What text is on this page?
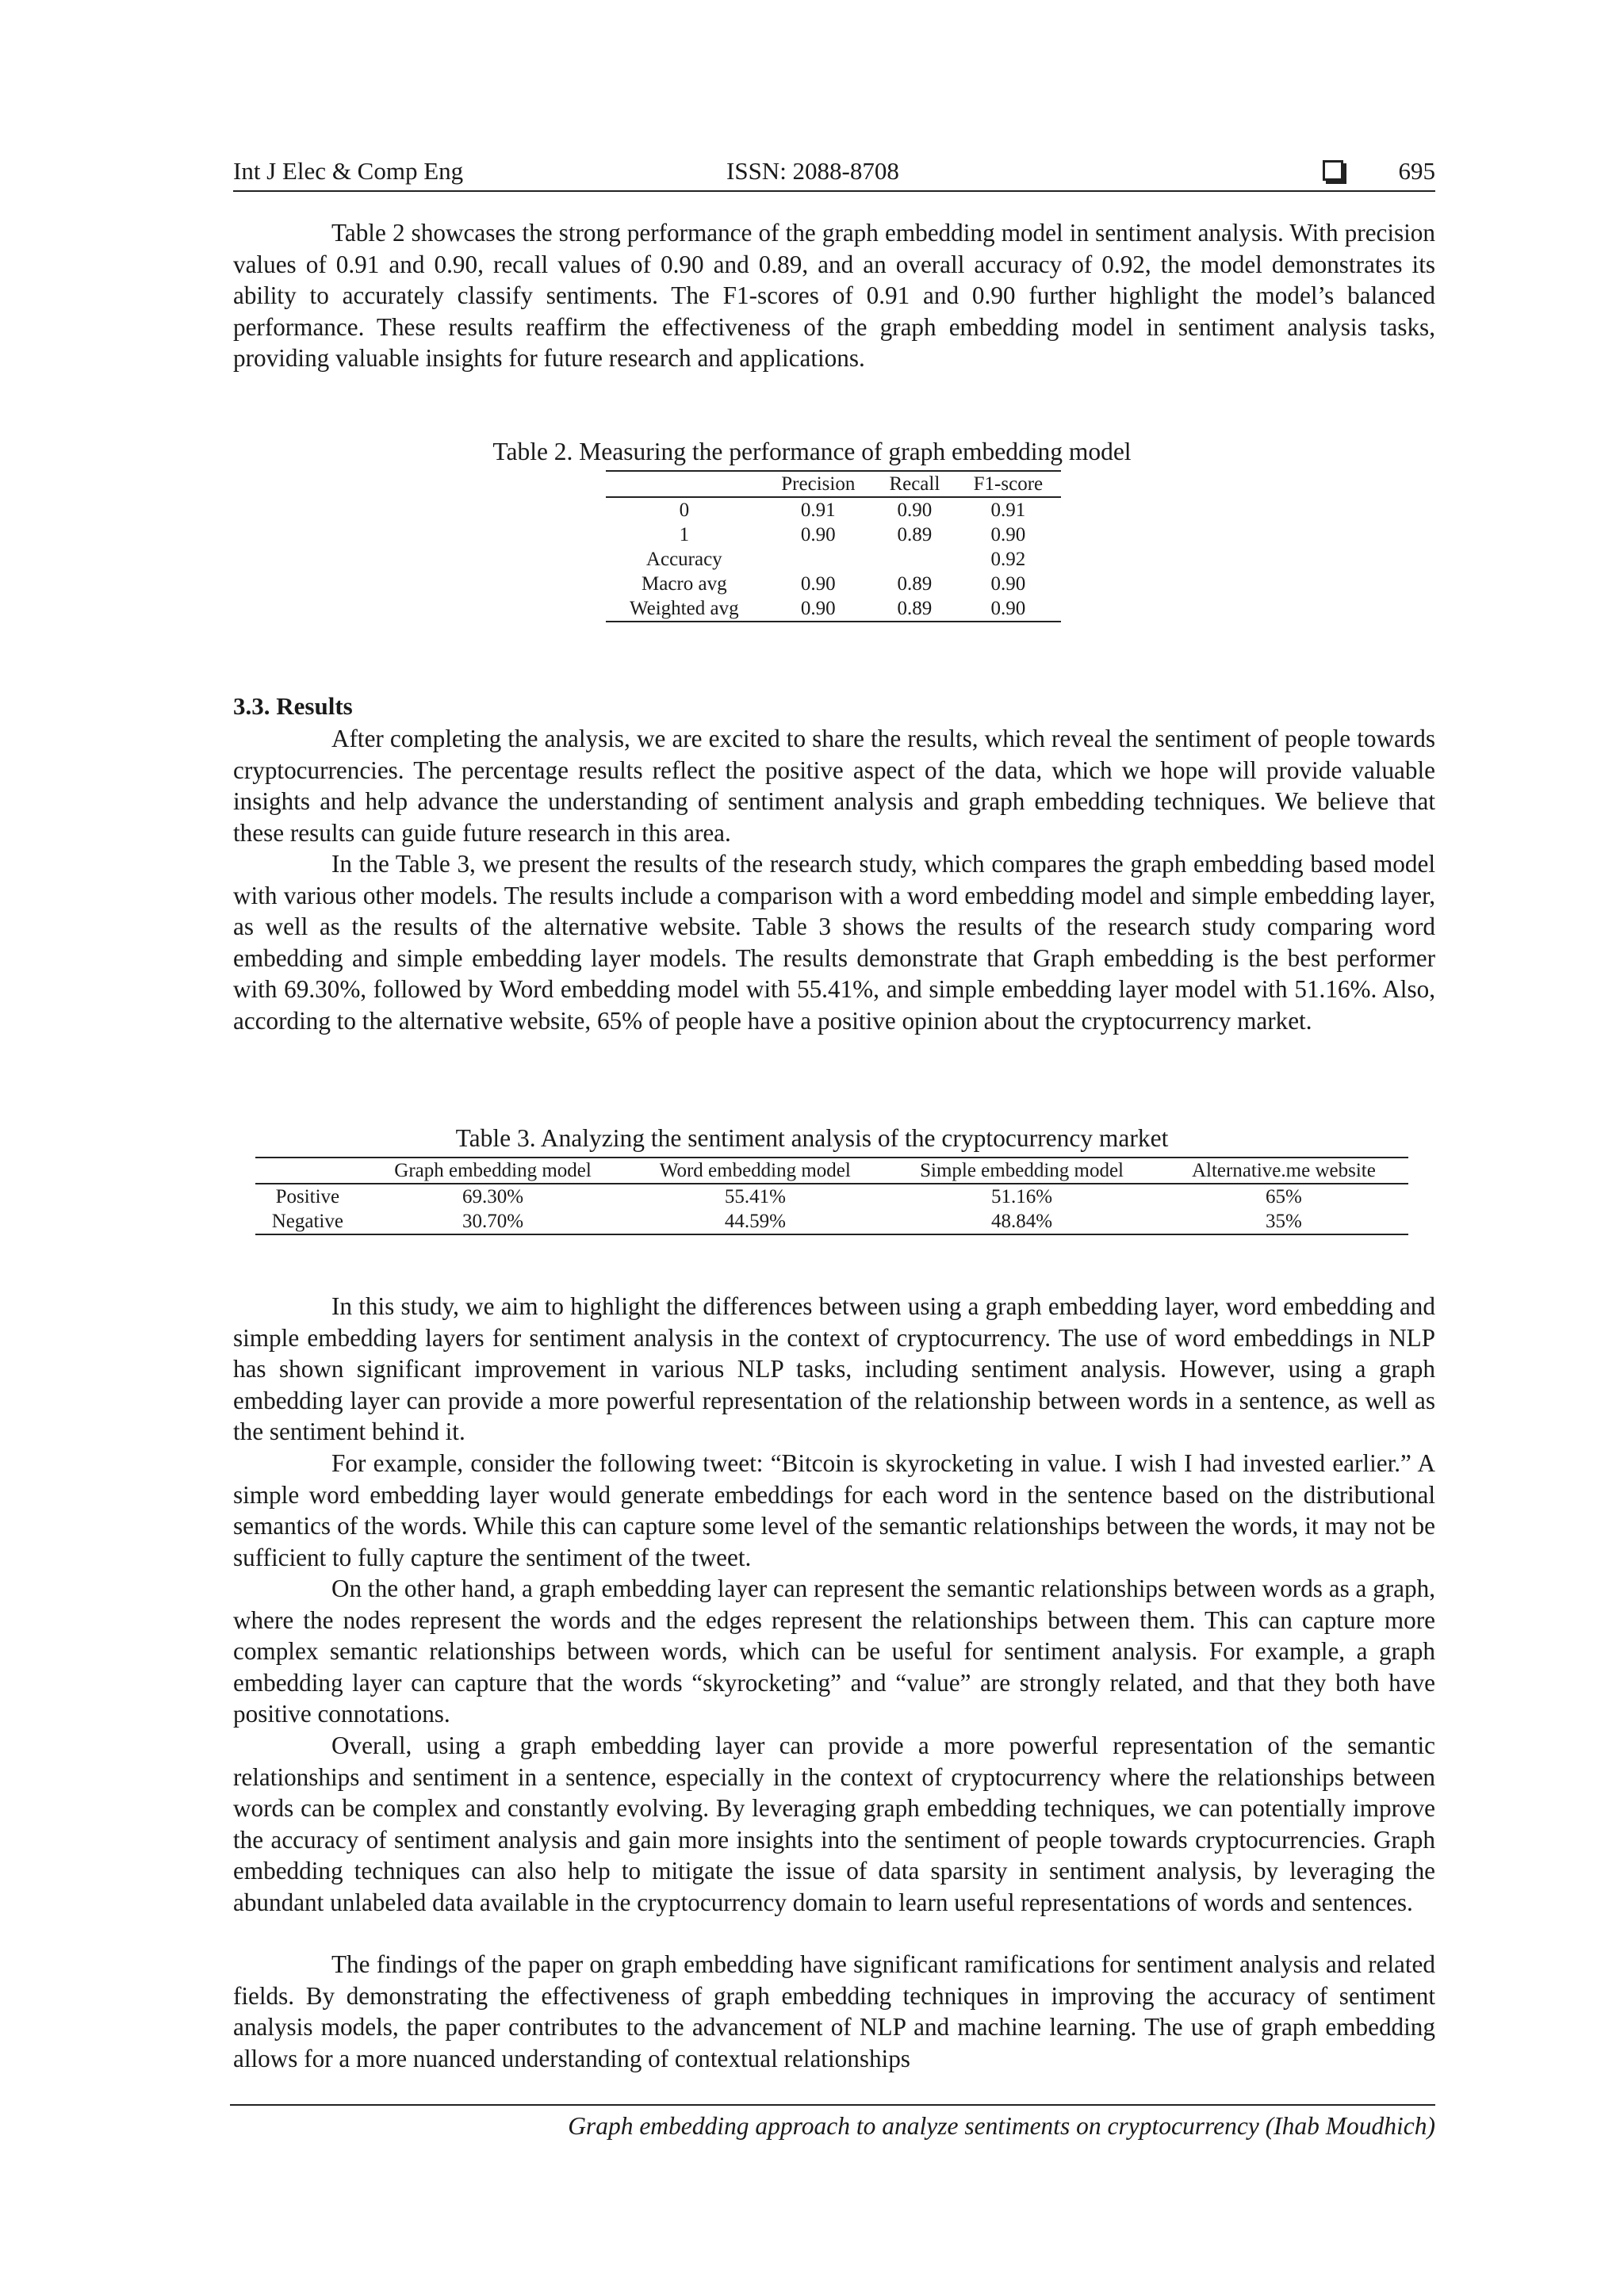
Int J Elec & Comp Eng	ISSN: 2088-8708	695

Table 2 showcases the strong performance of the graph embedding model in sentiment analysis. With precision values of 0.91 and 0.90, recall values of 0.90 and 0.89, and an overall accuracy of 0.92, the model demonstrates its ability to accurately classify sentiments. The F1-scores of 0.91 and 0.90 further highlight the model’s balanced performance. These results reaffirm the effectiveness of the graph embedding model in sentiment analysis tasks, providing valuable insights for future research and applications.

Table 2. Measuring the performance of graph embedding model

	Precision	Recall	F1-score
0	0.91	0.90	0.91
1	0.90	0.89	0.90
Accuracy			0.92
Macro avg	0.90	0.89	0.90
Weighted avg	0.90	0.89	0.90

3.3. Results

After completing the analysis, we are excited to share the results, which reveal the sentiment of people towards cryptocurrencies. The percentage results reflect the positive aspect of the data, which we hope will provide valuable insights and help advance the understanding of sentiment analysis and graph embedding techniques. We believe that these results can guide future research in this area.

In the Table 3, we present the results of the research study, which compares the graph embedding based model with various other models. The results include a comparison with a word embedding model and simple embedding layer, as well as the results of the alternative website. Table 3 shows the results of the research study comparing word embedding and simple embedding layer models. The results demonstrate that Graph embedding is the best performer with 69.30%, followed by Word embedding model with 55.41%, and simple embedding layer model with 51.16%. Also, according to the alternative website, 65% of people have a positive opinion about the cryptocurrency market.

Table 3. Analyzing the sentiment analysis of the cryptocurrency market

	Graph embedding model	Word embedding model	Simple embedding model	Alternative.me website
Positive	69.30%	55.41%	51.16%	65%
Negative	30.70%	44.59%	48.84%	35%

In this study, we aim to highlight the differences between using a graph embedding layer, word embedding and simple embedding layers for sentiment analysis in the context of cryptocurrency. The use of word embeddings in NLP has shown significant improvement in various NLP tasks, including sentiment analysis. However, using a graph embedding layer can provide a more powerful representation of the relationship between words in a sentence, as well as the sentiment behind it.

For example, consider the following tweet: “Bitcoin is skyrocketing in value. I wish I had invested earlier.” A simple word embedding layer would generate embeddings for each word in the sentence based on the distributional semantics of the words. While this can capture some level of the semantic relationships between the words, it may not be sufficient to fully capture the sentiment of the tweet.

On the other hand, a graph embedding layer can represent the semantic relationships between words as a graph, where the nodes represent the words and the edges represent the relationships between them. This can capture more complex semantic relationships between words, which can be useful for sentiment analysis. For example, a graph embedding layer can capture that the words “skyrocketing” and “value” are strongly related, and that they both have positive connotations.

Overall, using a graph embedding layer can provide a more powerful representation of the semantic relationships and sentiment in a sentence, especially in the context of cryptocurrency where the relationships between words can be complex and constantly evolving. By leveraging graph embedding techniques, we can potentially improve the accuracy of sentiment analysis and gain more insights into the sentiment of people towards cryptocurrencies. Graph embedding techniques can also help to mitigate the issue of data sparsity in sentiment analysis, by leveraging the abundant unlabeled data available in the cryptocurrency domain to learn useful representations of words and sentences.

The findings of the paper on graph embedding have significant ramifications for sentiment analysis and related fields. By demonstrating the effectiveness of graph embedding techniques in improving the accuracy of sentiment analysis models, the paper contributes to the advancement of NLP and machine learning. The use of graph embedding allows for a more nuanced understanding of contextual relationships

Graph embedding approach to analyze sentiments on cryptocurrency (Ihab Moudhich)
